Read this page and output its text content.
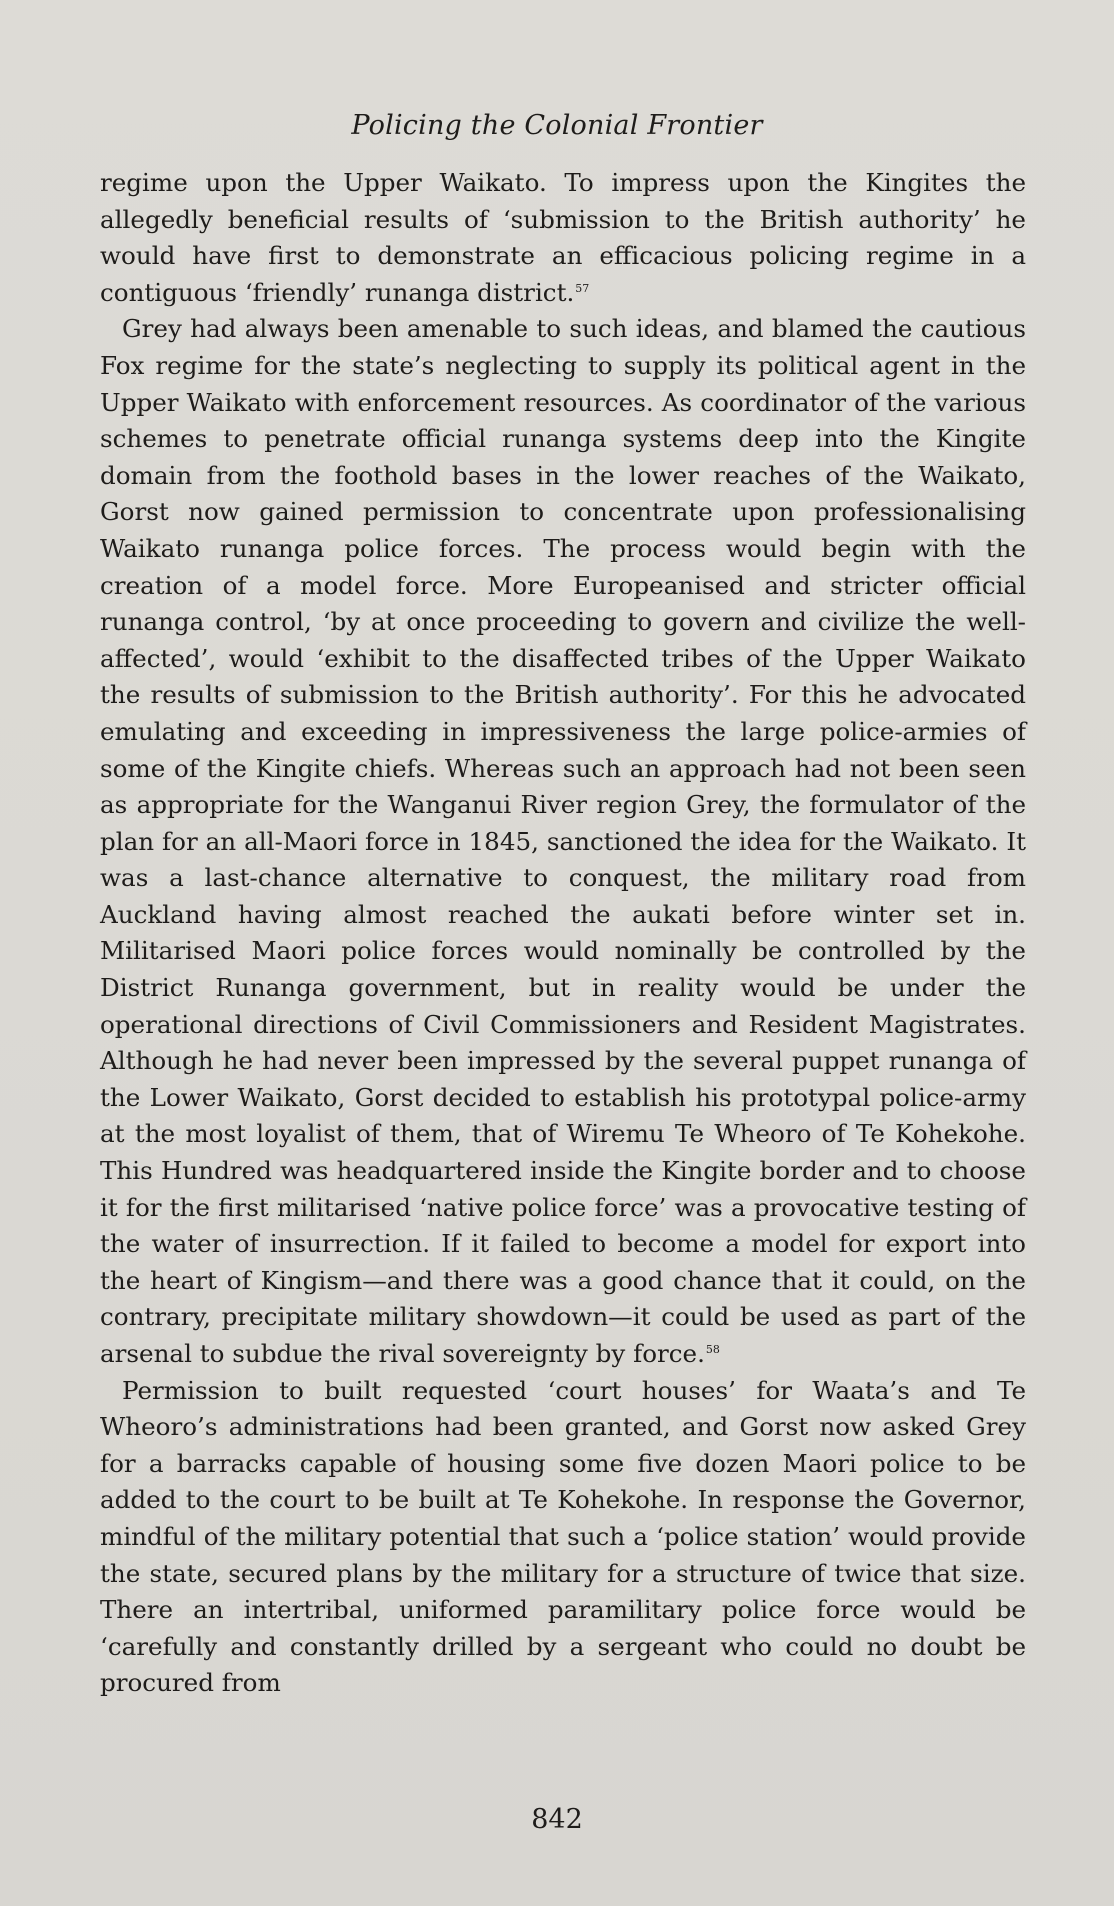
Policing the Colonial Frontier

regime upon the Upper Waikato. To impress upon the Kingites the allegedly beneficial results of ‘submission to the British authority’ he would have first to demonstrate an efficacious policing regime in a contiguous ‘friendly’ runanga district.$^{57}$

Grey had always been amenable to such ideas, and blamed the cautious Fox regime for the state’s neglecting to supply its political agent in the Upper Waikato with enforcement resources. As coordinator of the various schemes to penetrate official runanga systems deep into the Kingite domain from the foothold bases in the lower reaches of the Waikato, Gorst now gained permission to concentrate upon professionalising Waikato runanga police forces. The process would begin with the creation of a model force. More Europeanised and stricter official runanga control, ‘by at once proceeding to govern and civilize the well-affected’, would ‘exhibit to the disaffected tribes of the Upper Waikato the results of submission to the British authority’. For this he advocated emulating and exceeding in impressiveness the large police-armies of some of the Kingite chiefs. Whereas such an approach had not been seen as appropriate for the Wanganui River region Grey, the formulator of the plan for an all-Maori force in 1845, sanctioned the idea for the Waikato. It was a last-chance alternative to conquest, the military road from Auckland having almost reached the aukati before winter set in. Militarised Maori police forces would nominally be controlled by the District Runanga government, but in reality would be under the operational directions of Civil Commissioners and Resident Magistrates. Although he had never been impressed by the several puppet runanga of the Lower Waikato, Gorst decided to establish his prototypal police-army at the most loyalist of them, that of Wiremu Te Wheoro of Te Kohekohe. This Hundred was headquartered inside the Kingite border and to choose it for the first militarised ‘native police force’ was a provocative testing of the water of insurrection. If it failed to become a model for export into the heart of Kingism—and there was a good chance that it could, on the contrary, precipitate military showdown—it could be used as part of the arsenal to subdue the rival sovereignty by force.$^{58}$

Permission to built requested ‘court houses’ for Waata’s and Te Wheoro’s administrations had been granted, and Gorst now asked Grey for a barracks capable of housing some five dozen Maori police to be added to the court to be built at Te Kohekohe. In response the Governor, mindful of the military potential that such a ‘police station’ would provide the state, secured plans by the military for a structure of twice that size. There an intertribal, uniformed paramilitary police force would be ‘carefully and constantly drilled by a sergeant who could no doubt be procured from

842
